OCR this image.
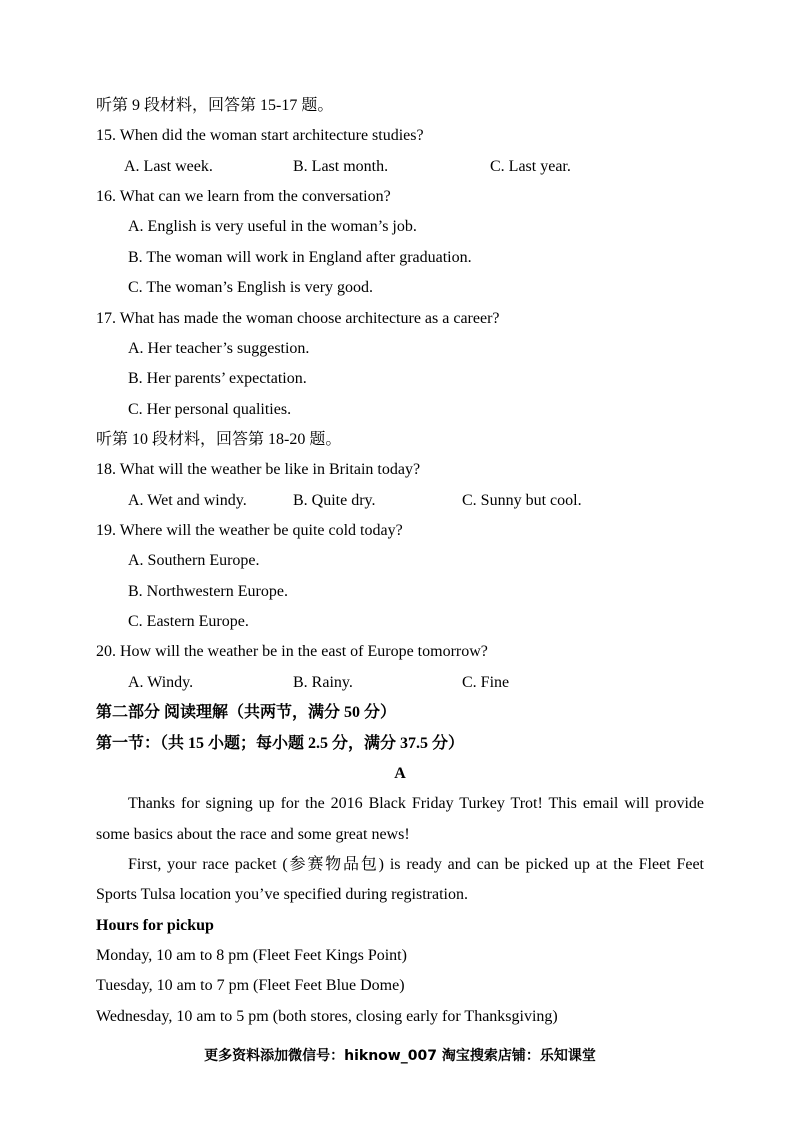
听第 9 段材料，回答第 15-17 题。
15. When did the woman start architecture studies?
A. Last week.	B. Last month.	C. Last year.
16. What can we learn from the conversation?
A. English is very useful in the woman’s job.
B. The woman will work in England after graduation.
C. The woman’s English is very good.
17. What has made the woman choose architecture as a career?
A. Her teacher’s suggestion.
B. Her parents’ expectation.
C. Her personal qualities.
听第 10 段材料，回答第 18-20 题。
18. What will the weather be like in Britain today?
A. Wet and windy.	B. Quite dry.	C. Sunny but cool.
19. Where will the weather be quite cold today?
A. Southern Europe.
B. Northwestern Europe.
C. Eastern Europe.
20. How will the weather be in the east of Europe tomorrow?
A. Windy.	B. Rainy.	C. Fine
第二部分 阅读理解（共两节，满分 50 分）
第一节：（共 15 小题；每小题 2.5 分，满分 37.5 分）
A
Thanks for signing up for the 2016 Black Friday Turkey Trot! This email will provide
some basics about the race and some great news!
First, your race packet (参赛物品包) is ready and can be picked up at the Fleet Feet
Sports Tulsa location you’ve specified during registration.
Hours for pickup
Monday, 10 am to 8 pm (Fleet Feet Kings Point)
Tuesday, 10 am to 7 pm (Fleet Feet Blue Dome)
Wednesday, 10 am to 5 pm (both stores, closing early for Thanksgiving)
更多资料添加微信号：hiknow_007 淘宝搜索店铺：乐知课堂
